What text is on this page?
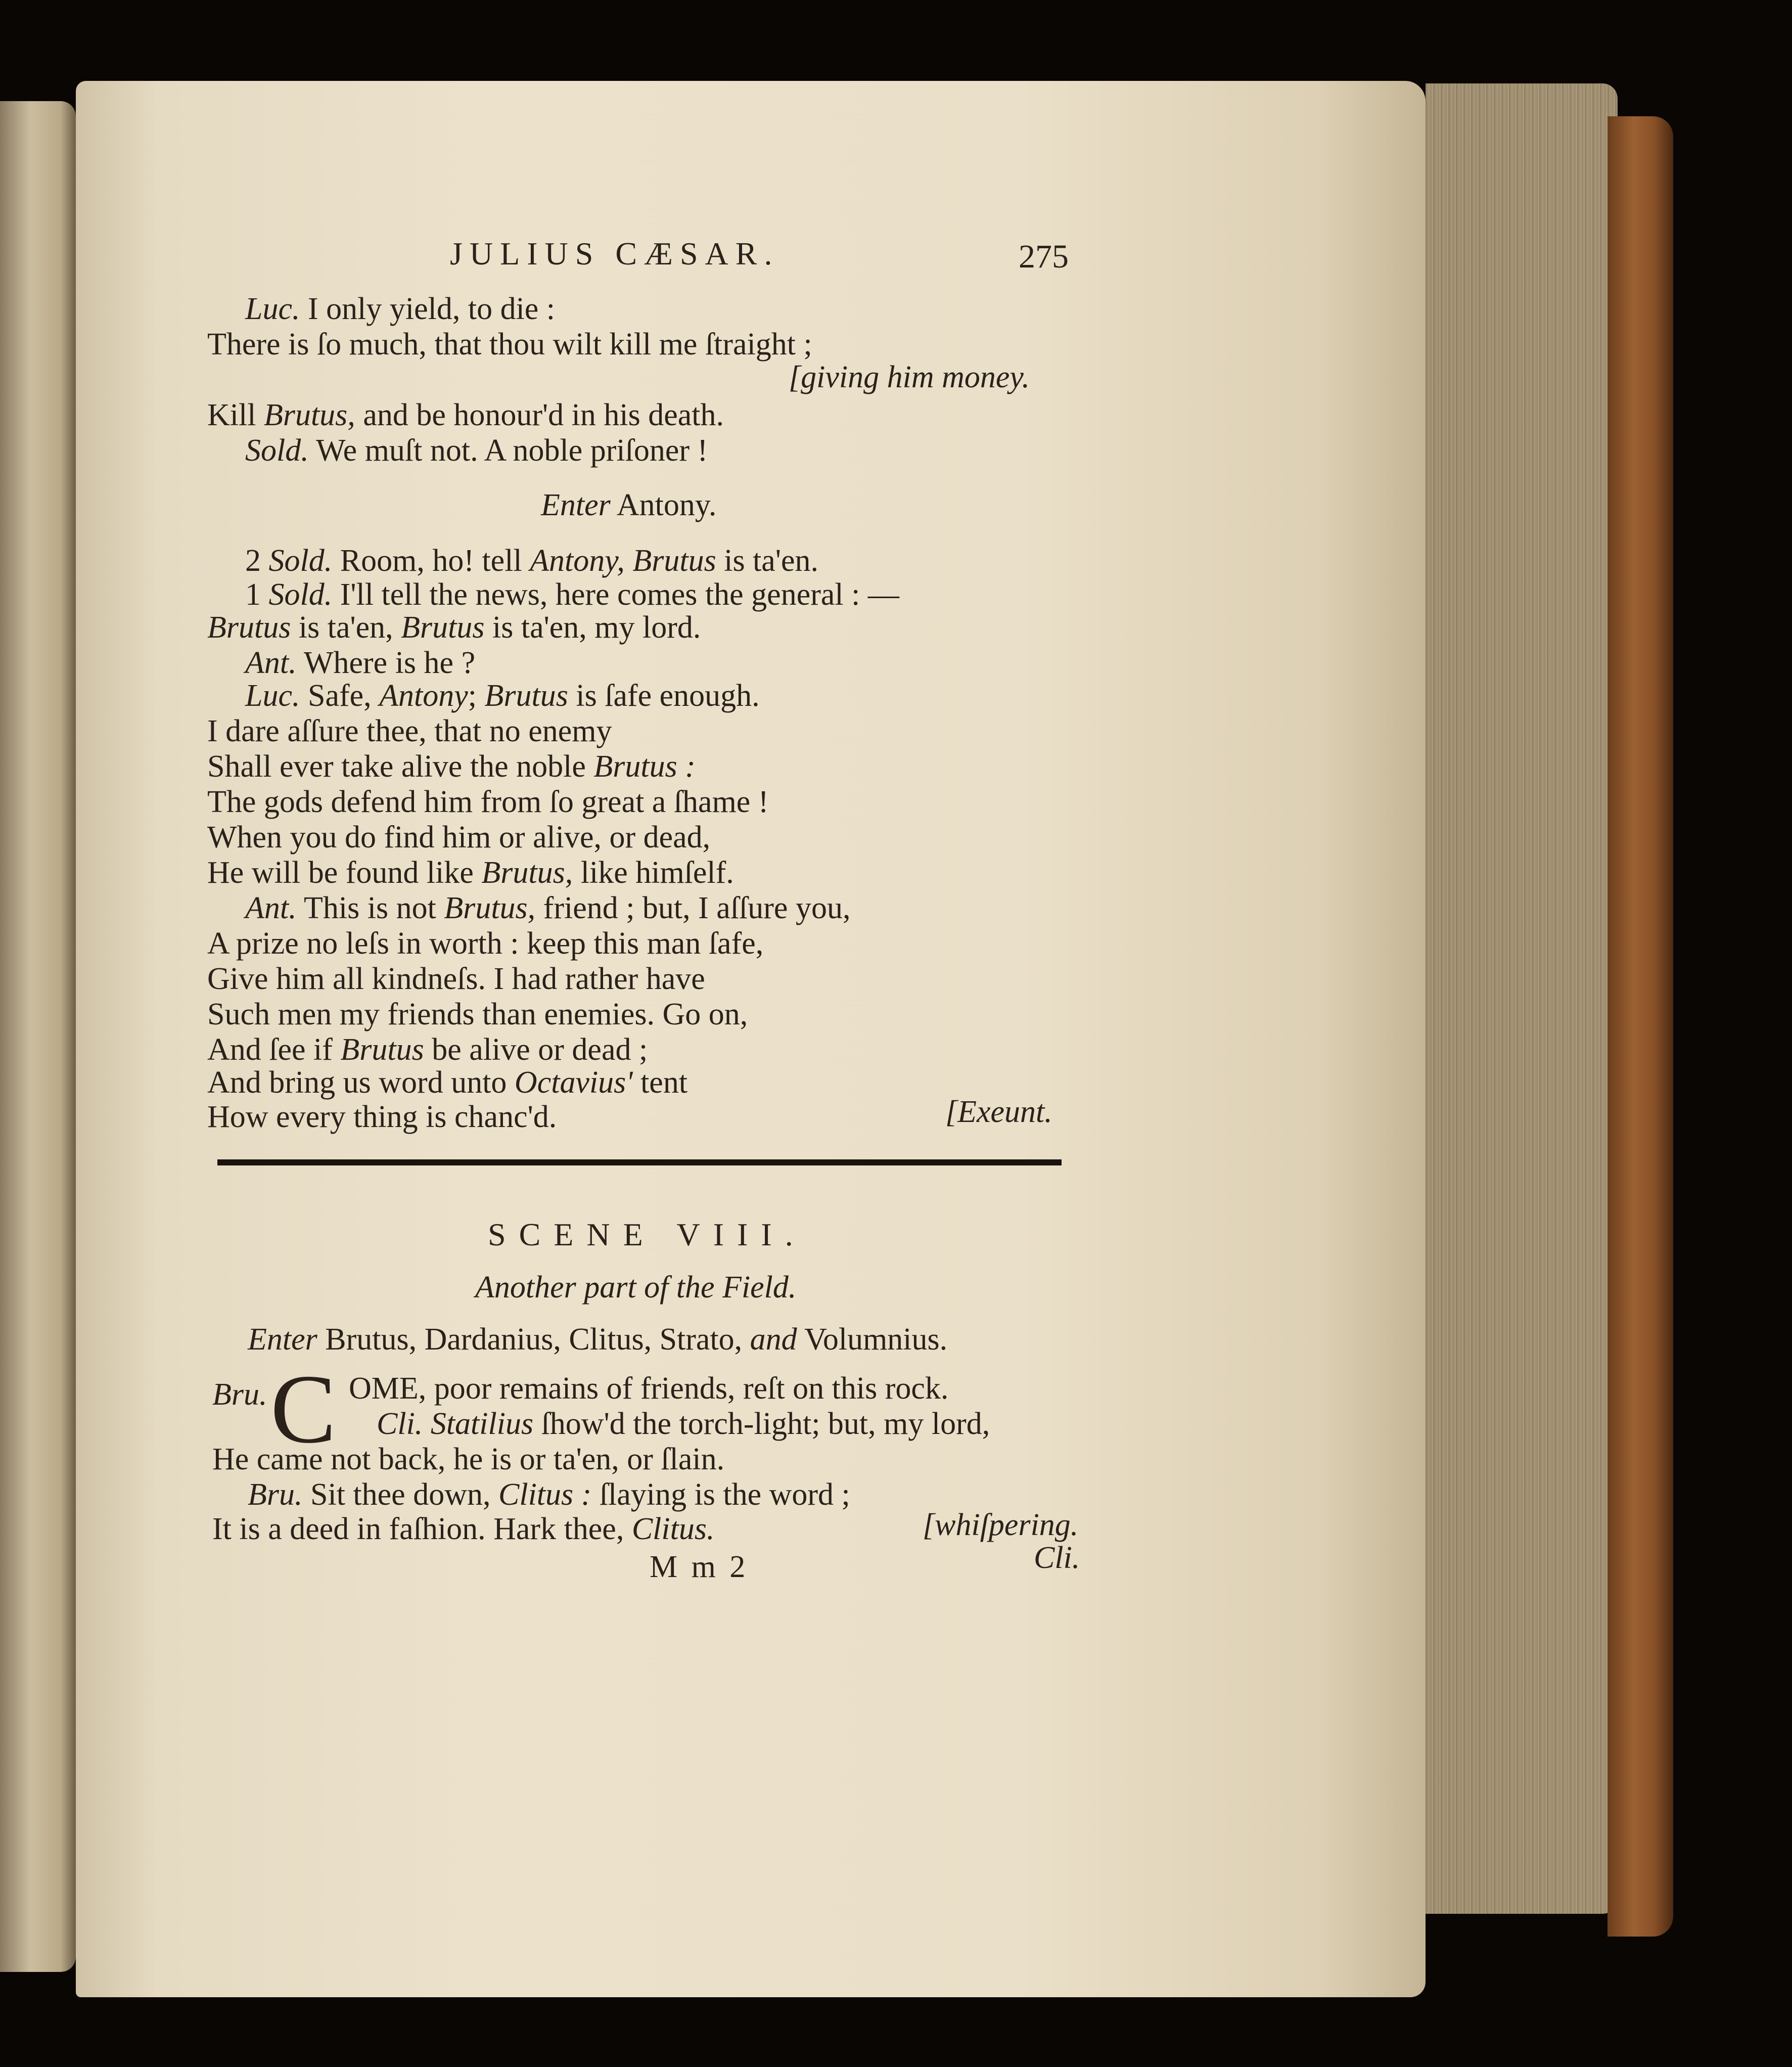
JULIUS CÆSAR.	275
Luc. I only yield, to die :
There is ſo much, that thou wilt kill me ſtraight ;
[giving him money.
Kill Brutus, and be honour'd in his death.
Sold. We muſt not. A noble priſoner !
Enter Antony.
2 Sold. Room, ho! tell Antony, Brutus is ta'en.
1 Sold. I'll tell the news, here comes the general : —
Brutus is ta'en, Brutus is ta'en, my lord.
Ant. Where is he ?
Luc. Safe, Antony; Brutus is ſafe enough.
I dare aſſure thee, that no enemy
Shall ever take alive the noble Brutus :
The gods defend him from ſo great a ſhame !
When you do find him or alive, or dead,
He will be found like Brutus, like himſelf.
Ant. This is not Brutus, friend ; but, I aſſure you,
A prize no leſs in worth : keep this man ſafe,
Give him all kindneſs. I had rather have
Such men my friends than enemies. Go on,
And ſee if Brutus be alive or dead ;
And bring us word unto Octavius' tent
How every thing is chanc'd.	[Exeunt.
SCENE VIII.
Another part of the Field.
Enter Brutus, Dardanius, Clitus, Strato, and Volumnius.
Bru. C OME, poor remains of friends, reſt on this rock.
Cli. Statilius ſhow'd the torch-light; but, my lord,
He came not back, he is or ta'en, or ſlain.
Bru. Sit thee down, Clitus : ſlaying is the word ;
It is a deed in faſhion. Hark thee, Clitus.	[whiſpering.
M m 2	Cli.
